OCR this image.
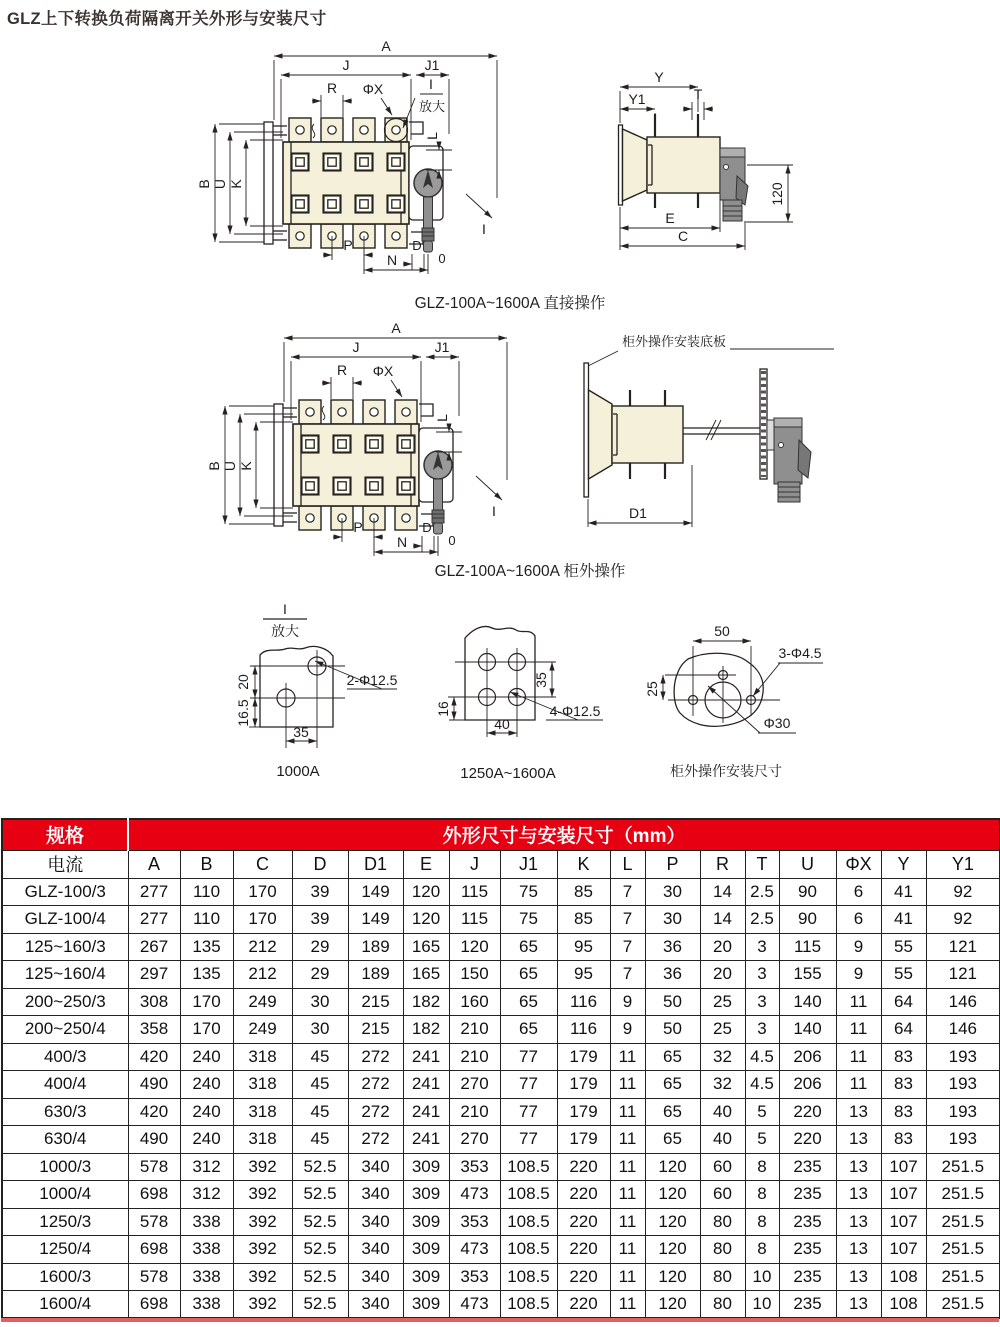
GLZ上下转换负荷隔离开关外形与安装尺寸
I
放大
A
J	J1
R ΦX
L
B U K
P
N
D
0
I
A
J	J1
R ΦX
L
B U K
P
N
D
0
I
Y
Y1	T
120
E
C
GLZ-100A~1600A 直接操作
柜外操作安装底板
D1
GLZ-100A~1600A 柜外操作
I
放大
20
16.5
35
2-Φ12.5
1000A
35
16
40
4-Φ12.5
1250A~1600A
50
25
3-Φ4.5
Φ30
柜外操作安装尺寸
规格	外形尺寸与安装尺寸（mm）																
电流	A	B	C	D	D1	E	J	J1	K	L	P	R	T	U	ΦX	Y	Y1
GLZ-100/3	277	110	170	39	149	120	115	75	85	7	30	14	2.5	90	6	41	92
GLZ-100/4	277	110	170	39	149	120	115	75	85	7	30	14	2.5	90	6	41	92
125~160/3	267	135	212	29	189	165	120	65	95	7	36	20	3	115	9	55	121
125~160/4	297	135	212	29	189	165	150	65	95	7	36	20	3	155	9	55	121
200~250/3	308	170	249	30	215	182	160	65	116	9	50	25	3	140	11	64	146
200~250/4	358	170	249	30	215	182	210	65	116	9	50	25	3	140	11	64	146
400/3	420	240	318	45	272	241	210	77	179	11	65	32	4.5	206	11	83	193
400/4	490	240	318	45	272	241	270	77	179	11	65	32	4.5	206	11	83	193
630/3	420	240	318	45	272	241	210	77	179	11	65	40	5	220	13	83	193
630/4	490	240	318	45	272	241	270	77	179	11	65	40	5	220	13	83	193
1000/3	578	312	392	52.5	340	309	353	108.5	220	11	120	60	8	235	13	107	251.5
1000/4	698	312	392	52.5	340	309	473	108.5	220	11	120	60	8	235	13	107	251.5
1250/3	578	338	392	52.5	340	309	353	108.5	220	11	120	80	8	235	13	107	251.5
1250/4	698	338	392	52.5	340	309	473	108.5	220	11	120	80	8	235	13	107	251.5
1600/3	578	338	392	52.5	340	309	353	108.5	220	11	120	80	10	235	13	108	251.5
1600/4	698	338	392	52.5	340	309	473	108.5	220	11	120	80	10	235	13	108	251.5
